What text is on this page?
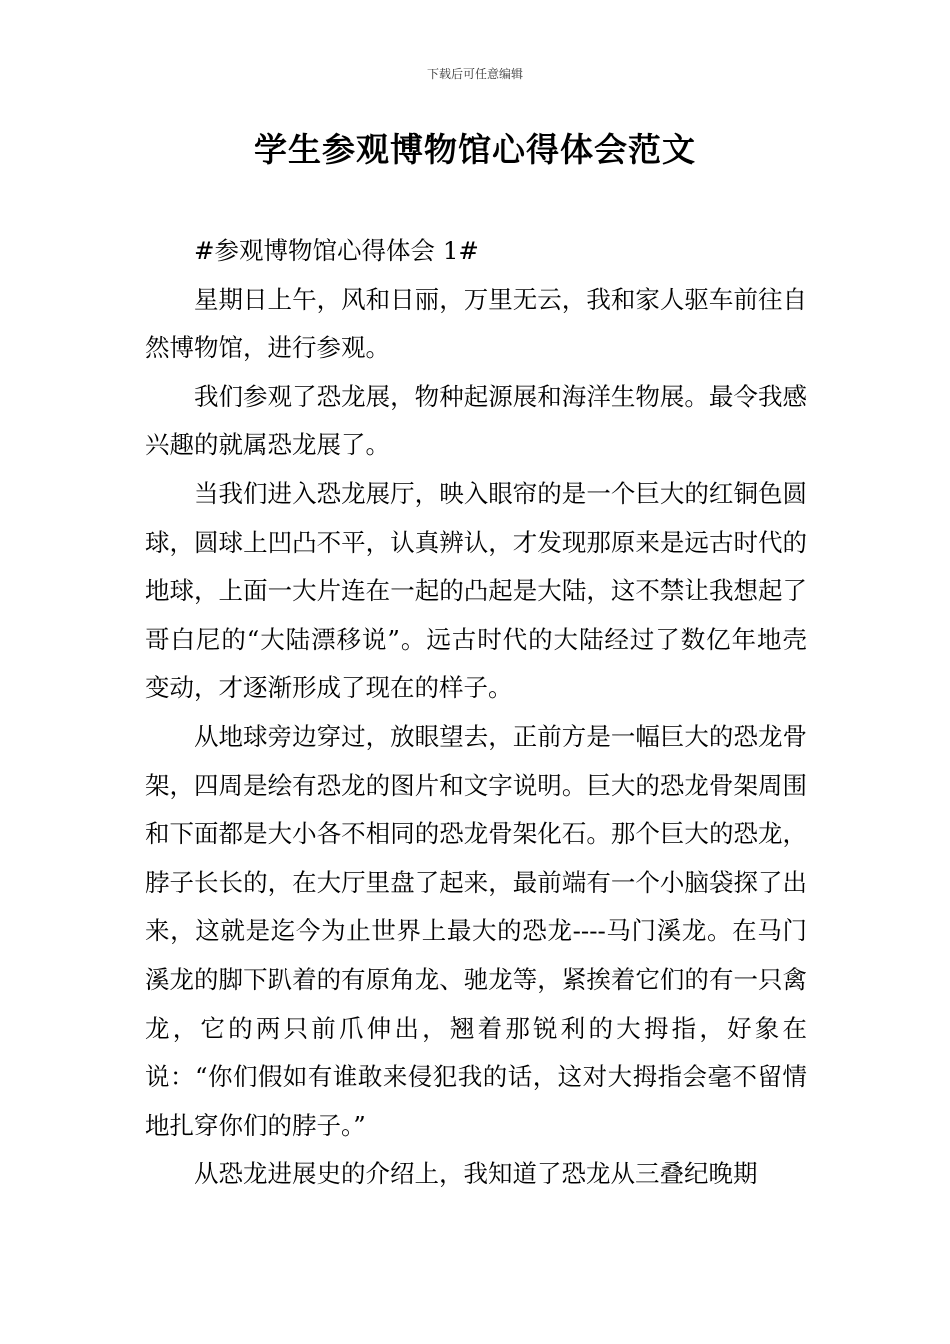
下载后可任意编辑
学生参观博物馆心得体会范文

#参观博物馆心得体会 1#

星期日上午，风和日丽，万里无云，我和家人驱车前往自然博物馆，进行参观。

我们参观了恐龙展，物种起源展和海洋生物展。最令我感兴趣的就属恐龙展了。

当我们进入恐龙展厅，映入眼帘的是一个巨大的红铜色圆球，圆球上凹凸不平，认真辨认，才发现那原来是远古时代的地球，上面一大片连在一起的凸起是大陆，这不禁让我想起了哥白尼的“大陆漂移说”。远古时代的大陆经过了数亿年地壳变动，才逐渐形成了现在的样子。

从地球旁边穿过，放眼望去，正前方是一幅巨大的恐龙骨架，四周是绘有恐龙的图片和文字说明。巨大的恐龙骨架周围和下面都是大小各不相同的恐龙骨架化石。那个巨大的恐龙，脖子长长的，在大厅里盘了起来，最前端有一个小脑袋探了出来，这就是迄今为止世界上最大的恐龙----马门溪龙。在马门溪龙的脚下趴着的有原角龙、驰龙等，紧挨着它们的有一只禽龙，它的两只前爪伸出，翘着那锐利的大拇指，好象在说：“你们假如有谁敢来侵犯我的话，这对大拇指会毫不留情地扎穿你们的脖子。”

从恐龙进展史的介绍上，我知道了恐龙从三叠纪晚期
